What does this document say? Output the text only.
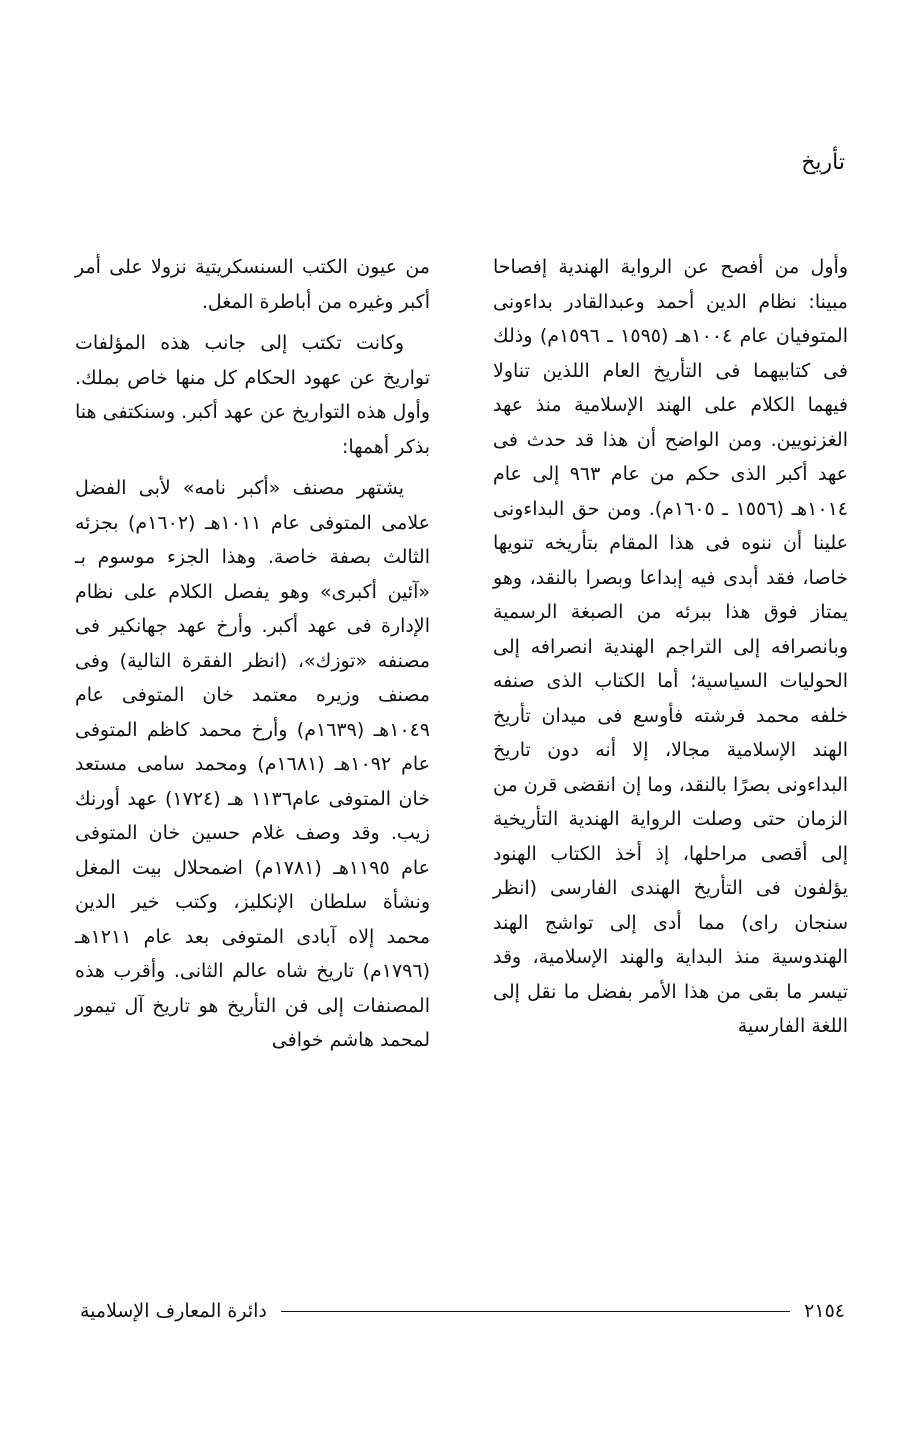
تأريخ

وأول من أفصح عن الرواية الهندية إفصاحا مبينا: نظام الدين أحمد وعبدالقادر بداءونى المتوفيان عام ١٠٠٤هـ (١٥٩٥ ـ ١٥٩٦م) وذلك فى كتابيهما فى التأريخ العام اللذين تناولا فيهما الكلام على الهند الإسلامية منذ عهد الغزنويين. ومن الواضح أن هذا قد حدث فى عهد أكبر الذى حكم من عام ٩٦٣ إلى عام ١٠١٤هـ (١٥٥٦ ـ ١٦٠٥م). ومن حق البداءونى علينا أن ننوه فى هذا المقام بتأريخه تنويها خاصا، فقد أبدى فيه إبداعا وبصرا بالنقد، وهو يمتاز فوق هذا ببرئه من الصبغة الرسمية وبانصرافه إلى التراجم الهندية انصرافه إلى الحوليات السياسية؛ أما الكتاب الذى صنفه خلفه محمد فرشته فأوسع فى ميدان تأريخ الهند الإسلامية مجالا، إلا أنه دون تاريخ البداءونى بصرًا بالنقد، وما إن انقضى قرن من الزمان حتى وصلت الرواية الهندية التأريخية إلى أقصى مراحلها، إذ أخذ الكتاب الهنود يؤلفون فى التأريخ الهندى الفارسى (انظر سنجان راى) مما أدى إلى تواشج الهند الهندوسية منذ البداية والهند الإسلامية، وقد تيسر ما بقى من هذا الأمر بفضل ما نقل إلى اللغة الفارسية

من عيون الكتب السنسكريتية نزولا على أمر أكبر وغيره من أباطرة المغل.

وكانت تكتب إلى جانب هذه المؤلفات تواريخ عن عهود الحكام كل منها خاص بملك. وأول هذه التواريخ عن عهد أكبر. وسنكتفى هنا بذكر أهمها:

يشتهر مصنف «أكبر نامه» لأبى الفضل علامى المتوفى عام ١٠١١هـ (١٦٠٢م) بجزئه الثالث بصفة خاصة. وهذا الجزء موسوم بـ «آئين أكبرى» وهو يفصل الكلام على نظام الإدارة فى عهد أكبر. وأرخ عهد جهانكير فى مصنفه «توزك»، (انظر الفقرة التالية) وفى مصنف وزيره معتمد خان المتوفى عام ١٠٤٩هـ (١٦٣٩م) وأرخ محمد كاظم المتوفى عام ١٠٩٢هـ (١٦٨١م) ومحمد سامى مستعد خان المتوفى عام١١٣٦ هـ (١٧٢٤) عهد أورنك زيب. وقد وصف غلام حسين خان المتوفى عام ١١٩٥هـ (١٧٨١م) اضمحلال بيت المغل ونشأة سلطان الإنكليز، وكتب خير الدين محمد إلاه آبادى المتوفى بعد عام ١٢١١هـ (١٧٩٦م) تاريخ شاه عالم الثانى. وأقرب هذه المصنفات إلى فن التأريخ هو تاريخ آل تيمور لمحمد هاشم خوافى

٢١٥٤
دائرة المعارف الإسلامية
